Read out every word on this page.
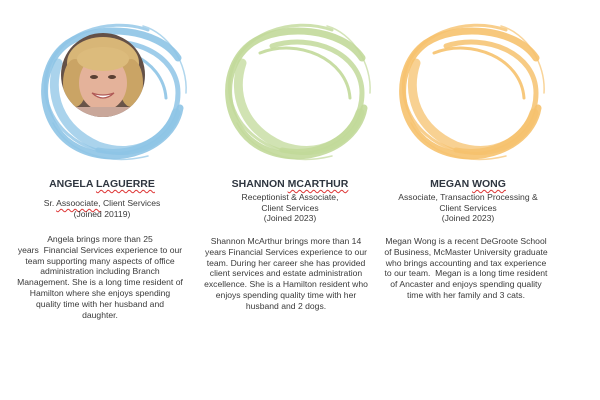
ANGELA LAGUERRE
Sr. Assoociate, Client Services
(Joined 20119)
Angela brings more than 25
years  Financial Services experience to our
team supporting many aspects of office
administration including Branch
Management. She is a long time resident of
Hamilton where she enjoys spending
quality time with her husband and
daughter.
SHANNON MCARTHUR
Receptionist & Associate,
Client Services
(Joined 2023)
Shannon McArthur brings more than 14
years Financial Services experience to our
team. During her career she has provided
client services and estate administration
excellence. She is a Hamilton resident who
enjoys spending quality time with her
husband and 2 dogs.
MEGAN WONG
Associate, Transaction Processing &
Client Services
(Joined 2023)
Megan Wong is a recent DeGroote School
of Business, McMaster University graduate
who brings accounting and tax experience
to our team.  Megan is a long time resident
of Ancaster and enjoys spending quality
time with her family and 3 cats.
